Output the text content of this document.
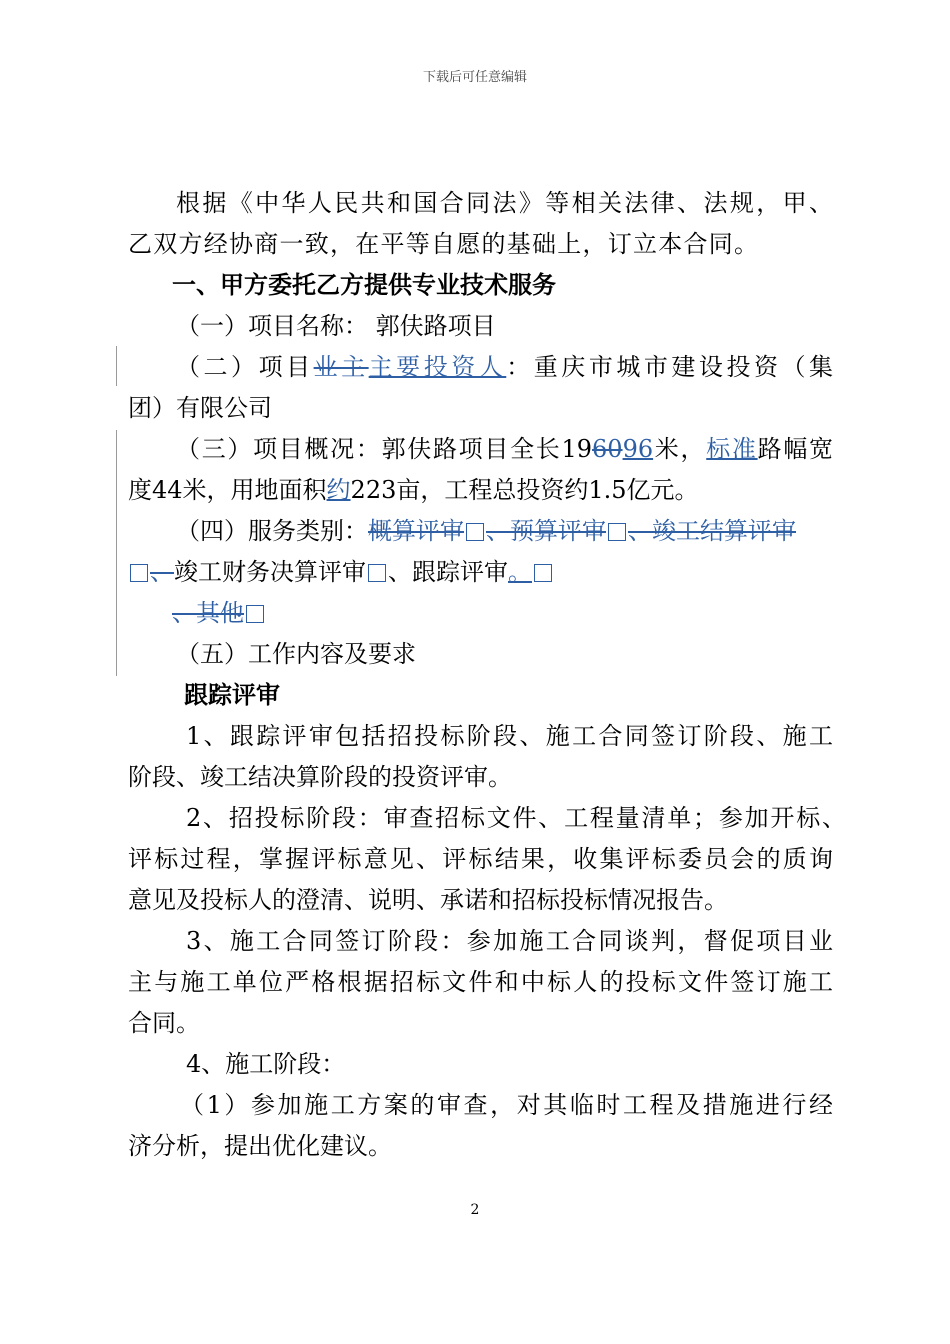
下载后可任意编辑
根据《中华人民共和国合同法》等相关法律、法规，甲、
乙双方经协商一致，在平等自愿的基础上，订立本合同。
一、甲方委托乙方提供专业技术服务
（一）项目名称： 郭伕路项目
（二）项目业主主要投资人：重庆市城市建设投资（集
团）有限公司
（三）项目概况：郭伕路项目全长196096米，标准路幅宽
度44米，用地面积约223亩，工程总投资约1.5亿元。
（四）服务类别：概算评审 、预算评审 、竣工结算评审
、竣工财务决算评审 、跟踪评审。
、其他
（五）工作内容及要求
跟踪评审
1、跟踪评审包括招投标阶段、施工合同签订阶段、施工
阶段、竣工结决算阶段的投资评审。
2、招投标阶段：审查招标文件、工程量清单；参加开标、
评标过程，掌握评标意见、评标结果，收集评标委员会的质询
意见及投标人的澄清、说明、承诺和招标投标情况报告。
3、施工合同签订阶段：参加施工合同谈判，督促项目业
主与施工单位严格根据招标文件和中标人的投标文件签订施工
合同。
4、施工阶段：
（1）参加施工方案的审查，对其临时工程及措施进行经
济分析，提出优化建议。
2
